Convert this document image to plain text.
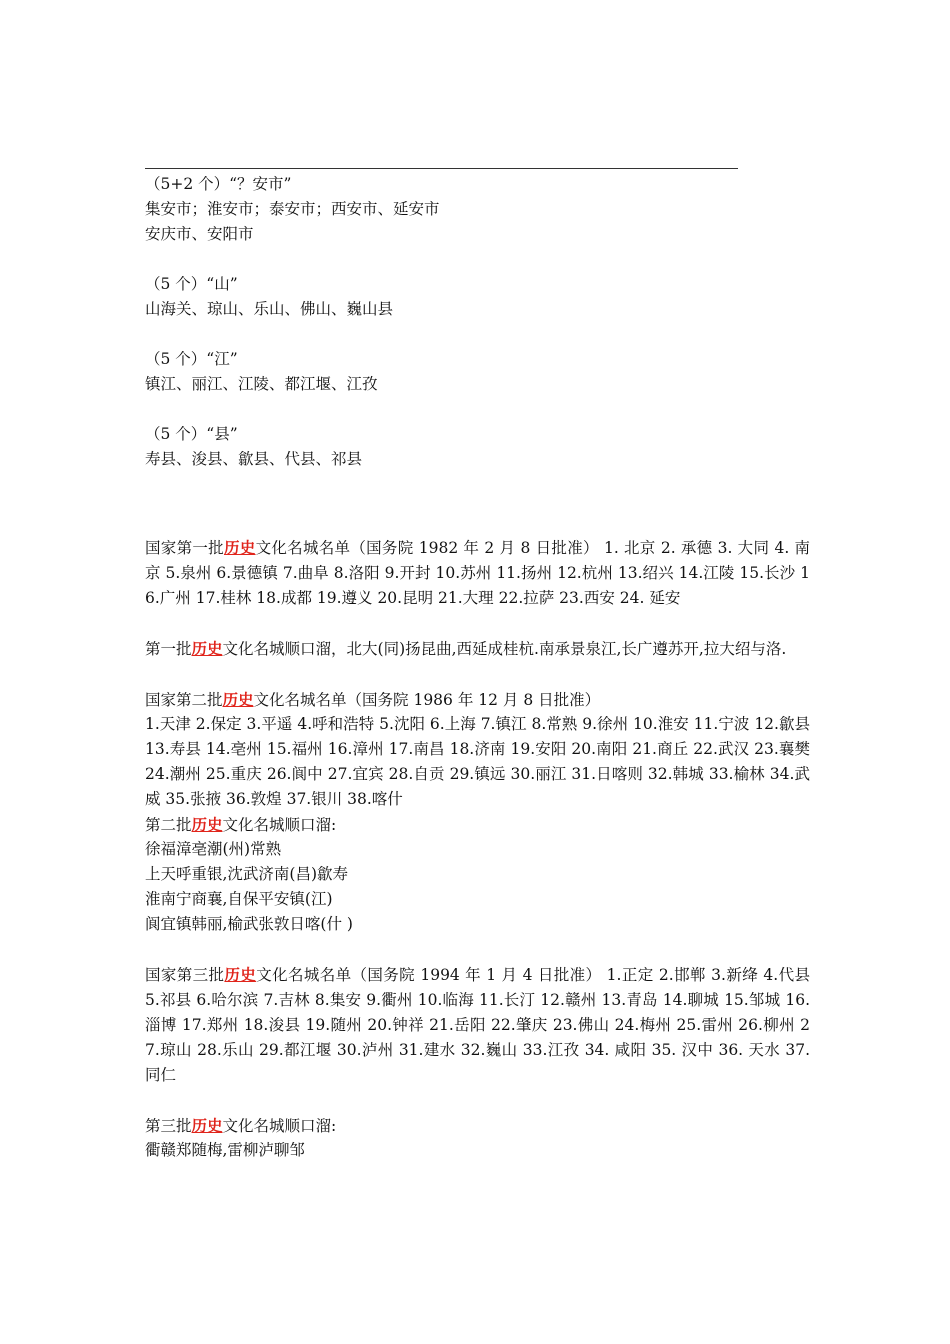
（5+2 个）“？安市”
集安市；淮安市；泰安市；西安市、延安市
安庆市、安阳市
（5 个）“山”
山海关、琼山、乐山、佛山、巍山县
（5 个）“江”
镇江、丽江、江陵、都江堰、江孜
（5 个）“县”
寿县、浚县、歙县、代县、祁县
国家第一批历史文化名城名单（国务院 1982 年 2 月 8 日批准） 1. 北京 2. 承德 3. 大同 4. 南京 5.泉州 6.景德镇 7.曲阜 8.洛阳 9.开封 10.苏州 11.扬州 12.杭州 13.绍兴 14.江陵 15.长沙 16.广州 17.桂林 18.成都 19.遵义 20.昆明 21.大理 22.拉萨 23.西安 24. 延安
第一批历史文化名城顺口溜，北大(同)扬昆曲,西延成桂杭.南承景泉江,长广遵苏开,拉大绍与洛.
国家第二批历史文化名城名单（国务院 1986 年 12 月 8 日批准）
1.天津 2.保定 3.平遥 4.呼和浩特 5.沈阳 6.上海 7.镇江 8.常熟 9.徐州 10.淮安 11.宁波 12.歙县 13.寿县 14.亳州 15.福州 16.漳州 17.南昌 18.济南 19.安阳 20.南阳 21.商丘 22.武汉 23.襄樊 24.潮州 25.重庆 26.阆中 27.宜宾 28.自贡 29.镇远 30.丽江 31.日喀则 32.韩城 33.榆林 34.武威 35.张掖 36.敦煌 37.银川 38.喀什
第二批历史文化名城顺口溜:
徐福漳亳潮(州)常熟
上天呼重银,沈武济南(昌)歙寿
淮南宁商襄,自保平安镇(江)
阆宜镇韩丽,榆武张敦日喀(什 )
国家第三批历史文化名城名单（国务院 1994 年 1 月 4 日批准） 1.正定 2.邯郸 3.新绛 4.代县 5.祁县 6.哈尔滨 7.吉林 8.集安 9.衢州 10.临海 11.长汀 12.赣州 13.青岛 14.聊城 15.邹城 16.淄博 17.郑州 18.浚县 19.随州 20.钟祥 21.岳阳 22.肇庆 23.佛山 24.梅州 25.雷州 26.柳州 27.琼山 28.乐山 29.都江堰 30.泸州 31.建水 32.巍山 33.江孜 34. 咸阳 35. 汉中 36. 天水 37. 同仁
第三批历史文化名城顺口溜:
衢赣郑随梅,雷柳泸聊邹
